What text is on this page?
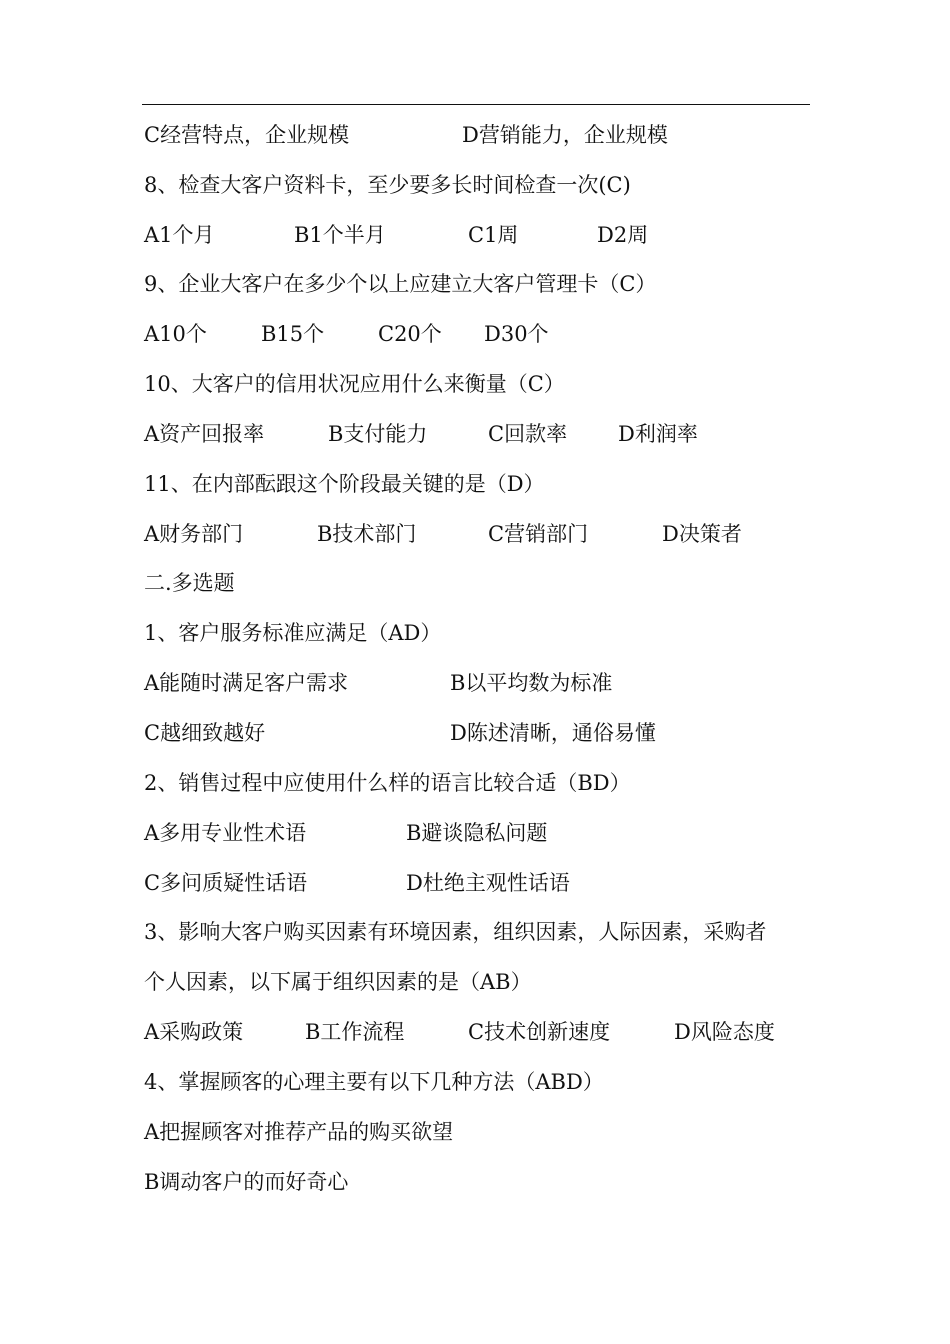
C经营特点，企业规模	D营销能力，企业规模
8、检查大客户资料卡，至少要多长时间检查一次(C)
A1个月	B1个半月	C1周	D2周
9、企业大客户在多少个以上应建立大客户管理卡（C）
A10个	B15个	C20个 D30个
10、大客户的信用状况应用什么来衡量（C）
A资产回报率	B支付能力	C回款率 D利润率
11、在内部酝跟这个阶段最关键的是（D）
A财务部门	B技术部门	C营销部门	D决策者
二.多选题
1、客户服务标准应满足（AD）
A能随时满足客户需求	B以平均数为标准
C越细致越好	D陈述清晰，通俗易懂
2、销售过程中应使用什么样的语言比较合适（BD）
A多用专业性术语	B避谈隐私问题
C多问质疑性话语	D杜绝主观性话语
3、影响大客户购买因素有环境因素，组织因素，人际因素，采购者
个人因素，以下属于组织因素的是（AB）
A采购政策	B工作流程	C技术创新速度	D风险态度
4、掌握顾客的心理主要有以下几种方法（ABD）
A把握顾客对推荐产品的购买欲望
B调动客户的而好奇心
